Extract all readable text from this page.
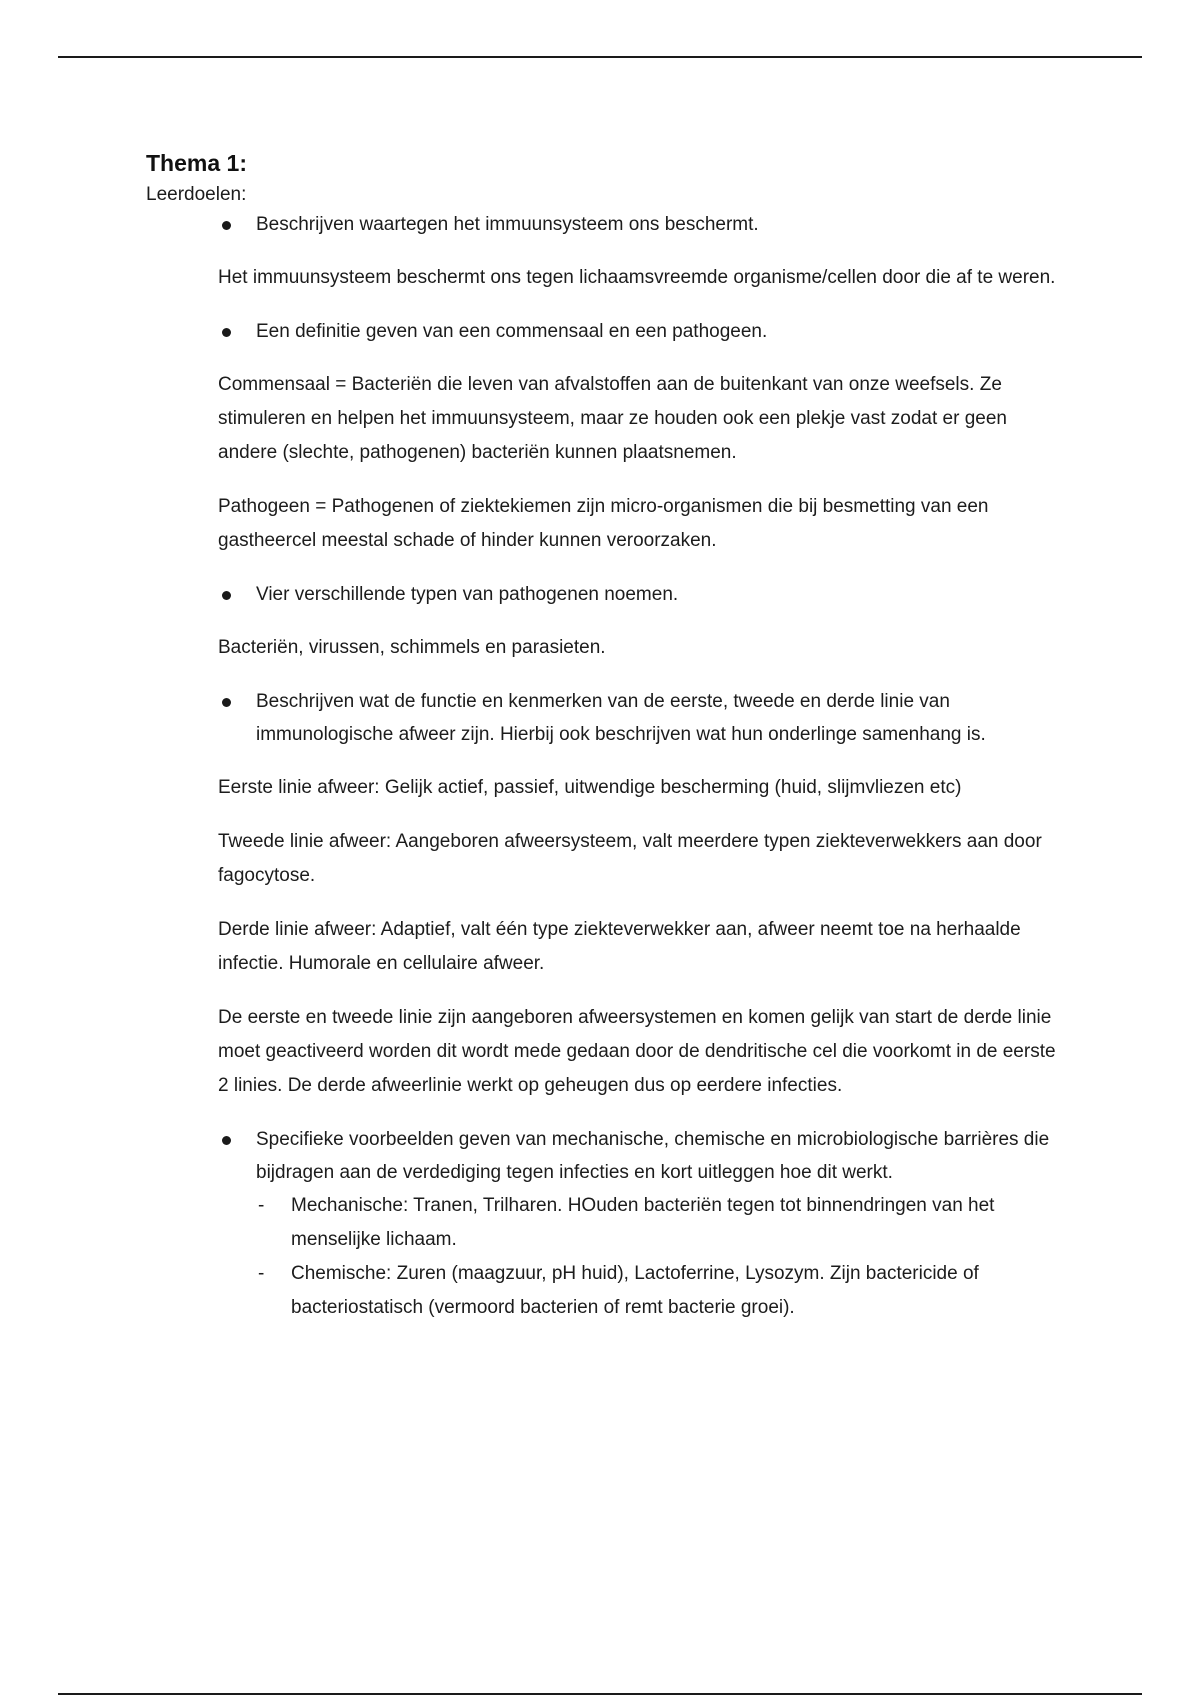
Thema 1:
Leerdoelen:
Beschrijven waartegen het immuunsysteem ons beschermt.

Het immuunsysteem beschermt ons tegen lichaamsvreemde organisme/cellen door die af te weren.

Een definitie geven van een commensaal en een pathogeen.

Commensaal = Bacteriën die leven van afvalstoffen aan de buitenkant van onze weefsels. Ze stimuleren en helpen het immuunsysteem, maar ze houden ook een plekje vast zodat er geen andere (slechte, pathogenen) bacteriën kunnen plaatsnemen.

Pathogeen = Pathogenen of ziektekiemen zijn micro-organismen die bij besmetting van een gastheercel meestal schade of hinder kunnen veroorzaken.

Vier verschillende typen van pathogenen noemen.

Bacteriën, virussen, schimmels en parasieten.

Beschrijven wat de functie en kenmerken van de eerste, tweede en derde linie van immunologische afweer zijn. Hierbij ook beschrijven wat hun onderlinge samenhang is.

Eerste linie afweer: Gelijk actief, passief, uitwendige bescherming (huid, slijmvliezen etc)

Tweede linie afweer: Aangeboren afweersysteem, valt meerdere typen ziekteverwekkers aan door fagocytose.

Derde linie afweer: Adaptief, valt één type ziekteverwekker aan, afweer neemt toe na herhaalde infectie. Humorale en cellulaire afweer.

De eerste en tweede linie zijn aangeboren afweersystemen en komen gelijk van start de derde linie moet geactiveerd worden dit wordt mede gedaan door de dendritische cel die voorkomt in de eerste 2 linies. De derde afweerlinie werkt op geheugen dus op eerdere infecties.

Specifieke voorbeelden geven van mechanische, chemische en microbiologische barrières die bijdragen aan de verdediging tegen infecties en kort uitleggen hoe dit werkt.
- Mechanische: Tranen, Trilharen. HOuden bacteriën tegen tot binnendringen van het menselijke lichaam.
- Chemische: Zuren (maagzuur, pH huid), Lactoferrine, Lysozym. Zijn bactericide of bacteriostatisch (vermoord bacterien of remt bacterie groei).
